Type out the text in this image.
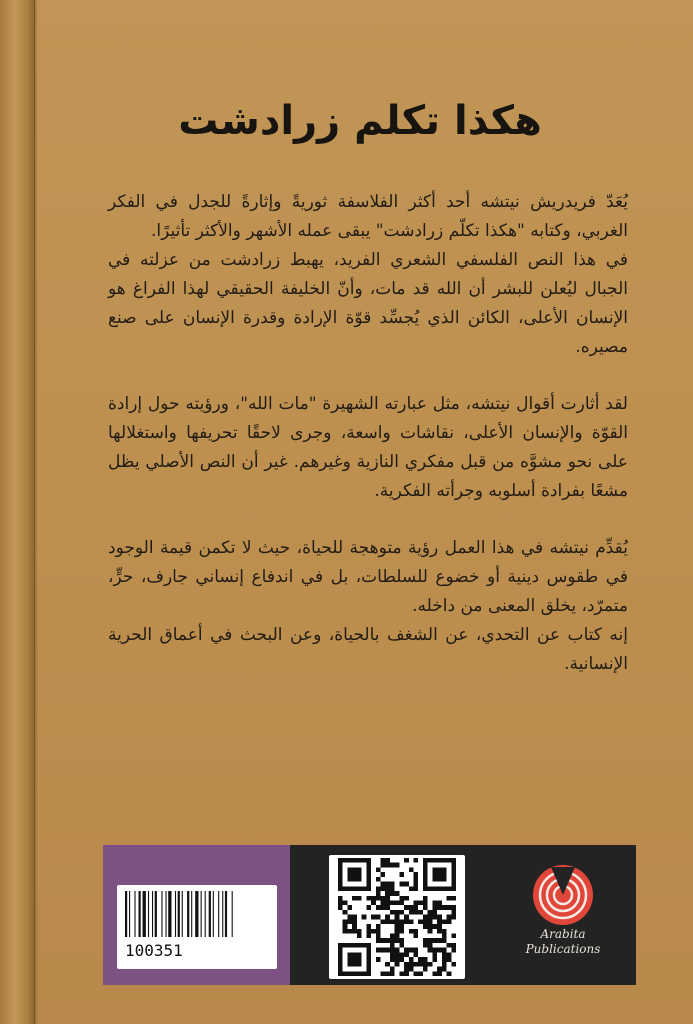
هكذا تكلم زرادشت

يُعَدّ فريدريش نيتشه أحد أكثر الفلاسفة ثوريةً وإثارةً للجدل في الفكر الغربي، وكتابه "هكذا تكلّم زرادشت" يبقى عمله الأشهر والأكثر تأثيرًا.

في هذا النص الفلسفي الشعري الفريد، يهبط زرادشت من عزلته في الجبال ليُعلن للبشر أن الله قد مات، وأنّ الخليفة الحقيقي لهذا الفراغ هو الإنسان الأعلى، الكائن الذي يُجسِّد قوّة الإرادة وقدرة الإنسان على صنع مصيره.

لقد أثارت أقوال نيتشه، مثل عبارته الشهيرة "مات الله"، ورؤيته حول إرادة القوّة والإنسان الأعلى، نقاشات واسعة، وجرى لاحقًا تحريفها واستغلالها على نحو مشوَّه من قبل مفكري النازية وغيرهم. غير أن النص الأصلي يظل مشعًا بفرادة أسلوبه وجرأته الفكرية.

يُقدِّم نيتشه في هذا العمل رؤية متوهجة للحياة، حيث لا تكمن قيمة الوجود في طقوس دينية أو خضوع للسلطات، بل في اندفاع إنساني جارف، حرٍّ، متمرّد، يخلق المعنى من داخله.

إنه كتاب عن التحدي، عن الشغف بالحياة، وعن البحث في أعماق الحرية الإنسانية.

100351
Arabita
Publications
